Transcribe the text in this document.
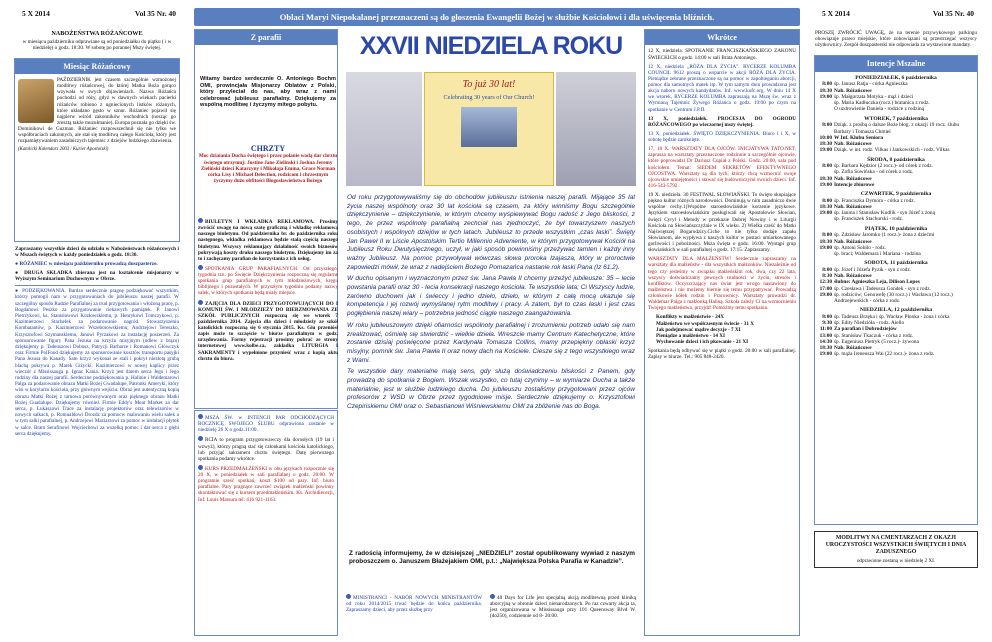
5 X 2014	Vol 35 Nr. 40
NABOŻEŃSTWA RÓŻAŃCOWE
w miesiącu październiku odprawiane są od poniedziałku do piątku ( i w niedzielę) o godz. 18:30. W sobotę po porannej Mszy świętej.
Miesiąc Różańcowy

PAŹDZIERNIK jest czasem szczególnie wzmożonej modlitwy różańcowej, do której Matka Boża gorąco wzywała w swych objawieniach. Nazwa Różańca pochodzi od róży, gdyż w dawnych wiekach pacierki różańców robiono z ugniecionych listków różanych, które układano gęsto w sznur. Różaniec pojawił się najpierw wśród zakonników wschodnich (nosząc go zresztą także muzułmanie). Europa poznała go dzięki św. Dominikowi de Guzman. Różaniec rozpowszechnił się nie tylko we współbraciach zakonnych, ale stał się modlitwą całego Kościoła, który jest rozpamiętywaniem zasadniczych tajemnic z dziejów ludzkiego zbawienia.

(Katolicki Kalendarz 2003 / Kurier Apostolski)

Zapraszamy wszystkie dzieci do udziału w Nabożeństwach różańcowych i w Mszach świętych w każdy poniedziałek o godz. 18:30.

● RÓŻANIEC w miesiącu październiku prowadzą duszpasterze.

● DRUGA SKŁADKA zbierana jest na kształcenie misjonarzy w Wyższym Seminarium Duchownym w Obrze.

● PODZIĘKOWANIA. Bardzo serdecznie pragnę podziękować wszystkim, którzy pomogli nam w przygotowaniach do jubileuszu naszej parafii. W szczególny sposób Radzie Parafialnej za trud przygotowania i włożoną pracę, p. Bogdanowi Peszko za przygotowanie ciekawych pamiątek. P. Janowi Pietrzykowi, ks. Stanisławowi Kozłowskiemu, p. Henrykowi Tomczykowi, p. Kazimierzowi Stachelek za podarowanie nagród. Stowarzyszeniu Kombatantów, p. Kazimierzowi Wszeborowskiemu, Andrzejowi Tereszko, Krzysztofowi Szymanskiemu, Janowi Pyrzakowi za instalację poszerzeń. Za sponsorowanie figury Pana Jezusa na krzyżu misyjnym (odlew z brązu) dziękujemy p. Tadeuszowi Dobosz, Patrycji Barbarze i Romanowi Główczyk oraz Firmie PolFood dziękujemy za sponsorowanie kosztów transportu pasyjki Pana Jezusa do Kanady. Sam krzyż wykonał ze stali i pokrył niezłotą grubą blachą pokrywa p. Marek Giżycki. Kazimierzowi w nowej kaplicy przez wieczór z Mississauga p. Ignac Kania. Krzyż jest darem serca Jego i Jego rodziny dla naszej parafii. Serdeczne podziękowania p. Halinie i Waldemarowi Palga za podarowanie obrazu Matki Bożej Gwadalupe, Patronki Ameryki, który wisi w korytarzu kościoła, przy głównym wejściu. Obraz jest autentyczną kopią obrazu Matki Bożej z tarnowa porównywanym oraz pięknego obrazu Matki Bożej Guadalupe. Dziękujemy również Firmie Eddy's Meat Market za dar serca, p. Łukaszowi Trace za instalację projektorów oraz telewizorów w nowych salkach, p. Romualdowi Drozdz za pomocw malowaniu wielu salek a w tym salki parafialnej, p. Andrzejowi Maziarzowi za pomoc w instalacji płytek w salce. Bratu Serafinowi Wojciechowi za wszelką pomoc i dar serca z głębi serca dziękujemy.

Oblaci Maryi Niepokalanej przeznaczeni są do głoszenia Ewangelii Bożej w służbie Kościołowi i dla uświęcenia bliźnich.
Z parafii	XXVII NIEDZIELA ROKU

Witamy bardzo serdecznie O. Antoniego Bochm OMI, prowincjała Misjonarzy Oblatów z Polski, który przyleciał do nas, aby wraz z nami celebrować jubileusz parafialny. Dziękujemy za wspólną modlitwę i życzymy mitego pobytu.

To już 30 lat!
Celebrating 30 years of Our Church!
CHRZTY

Moc dziaiania Ducha świętego i przez połanie wodą dar chrztu świętego otrzymuj: Justine Jane Zielinski i Joshua Jeremy Zieliński dzieci Katarzyny i Mikołaja Emma, Grace Norman córka Lisy i Michael Delection, rodzicom i chrzestnym życzymy dużo obfitości Błogosławieństwa Bożego

BIULETYN I WKŁADKA REKLAMOWA. Prosimy zwrócić uwagę na nową szatę graficzną i wkładkę reklamową naszego biuletynu. Od października br. do października roku następnego, wkładka reklamowa będzie stałą częścią naszego biuletynu. Wszyscy reklamujący działalność swoich biznesów pokrywają koszty druku naszego biuletynu. Dziękujemy im za to i zachęcamy parafian do korzystania z ich usług.

SPOTKANIA GRUP PARAFIALNYCH. Od przyszłego, tygodnia tzn. po Święcie Dziękczynienia rozpoczną się regularne spotkania grup parafialnych w tym młodzieżowych, kręgu biblijnego i pozostałych. W przyszłym tygodniu podamy nazwy salek, w których spotkania będą miały miejsce.

ZAJĘCIA DLA DZIECI PRZYGOTOWUJĄCYCH DO I KOMUNII ŚW. I MŁODZIEŻY DO BIERZMOWANIA ZE SZKÓŁ PUBLICZNYCH rozpoczną się we wtorek 7 października 2014. Zajęcia dla dzieci i młodzieży ze szkół katolickich rozpoczną się 6 stycznia 2015. Ks. Giu przeniósł zapis może to szczęście w biurze parafialnym w godz. urzędowania. Formy rejestracji prosimy pobrać ze strony internetowej www.kolbe.ca, zakładka LITURGIA I SAKRAMENTY i wypełnione przynieść wraz z kopią aktu chrztu do biura.

MSZA ŚW. w INTENCJI PAR ODCHODZĄCYCH ROCZNICĘ SWOJEGO ŚLUBU odprawiona zostanie w niedzielę 26 X o godz.11:00.

RCIA to program przygotowawczy dla dorosłych (19 lat i wzwyż), którzy pragną stać się członkami kościoła katolickiego, lub przyjąć sakrament chrztu świętego. Datę pierwszego spotkania podamy wkrótce.

KURS PRZEDMAŁŻEŃSKI w obu językach rozpocznie się 20 X, w poniedziałek w sali parafialnej o godz. 20:00. W programie sześć spotkań, koszt $100 od pary. Inf. biuro parafialne. Pary pragnące zawrzeć związek małżeński powinny skontaktować się z kursem przedmałżeńskim. Ks. Archidiecezji, Inf. Louis Marsura tel: 416 921-1163.

Od roku przygotowywaliśmy się do obchodów jubileuszu istnienia naszej parafii. Mijające 35 lat życia naszej wspólnoty oraz 30 lat kościoła są czasem, za który winniśmy Bogu szczególnie dziękczynienie – dziękczynienie, w którym chcemy wyśpiewywać Bogu radość z Jego bliskości, z tego, że przez wspólnotę parafialną zechciał nas zjednoczyć, że był towarzyszem naszych osobistych i wspólnych dziejów w tych latach. Jubileusz to przede wszystkim „czas łaski”. Święty Jan Paweł II w Liście Apostolskim Tertio Millennio Adveniente, w którym przygotowywał Kościół na Jubileusz Roku Dwutysięcznego, uczył, w jaki sposób powinniśmy przeżywać tamten i każdy inny ważny Jubileusz. Na pomoc przywoływał wówczas słowa proroka Izajasza, który w proroctwie zapowiedzi mówił, że wraz z nadejściem Bożego Pomazańca nastanie rok łaski Pana (Iz 61,2).

W duchu opisanym i wyznaczonym przez św. Jana Pawła II chcemy przeżyć jubileusze: 35 – lecie powstania parafii oraz 30 - lecia konsekracji naszego kościoła. Te wszystkie lata; Ci Wszyscy ludzie, zarówno duchowni jak i świeccy i jedno dzieło, dzieło, w którym z całą mocą ukazuje się kompetencja i jej rozwój wymyślanej rytm modlitwy i pracy. A zatem, był to czas łaski i jest czas pogłębienia naszej wiary – potrzebna jedność ciągle naszego zaangażowania.

W roku jubileuszowym dzięki ofiarności wspólnoty parafialnej i zrozumieniu potrzeb udało się nam zrealizować, ośmielę się stwierdzić - wielkie dzieła. Wreszcie mamy Centrum Katechetyczne, które zostanie dzisiaj poświęcone przez Kardynała Tomasza Collins, mamy przepiękny obłaski krzyż misyjny, pomnik św. Jana Pawła II oraz nowy dach na Kościele. Ciesze się z tego wszystkiego wraz z Wami.

Te wszystkie dary materialne mają sens, gdy służą doświadczeniu bliskości z Panem, gdy prowadzą do spotkania z Bogiem. Wszak wszystko, co tutaj czynimy – w wymiarze Ducha a także materialnie, jest w służbie ludzkiego ducha. Do jubileuszu zostaliśmy przygotowani przez ojców profesorów z WSD w Obrze przez tygodniowe misje. Serdecznie dziękujemy o. Krzysztofowi Czepiriskiemu OMI oraz o. Sebastianowi Wiśniewskiemu OMI za zbliżenie nas do Boga.

Z radością informujemy, że w dzisiejszej „NIEDZIELI” został opublikowany wywiad z naszym proboszczem o. Januszem Błażejakiem OMI, p.t.: „Największa Polska Parafia w Kanadzie”.

MINISTRANCI - NABÓR NOWYCH MINISTRANTÓW od roku 2014/2015 trwać będzie do końca października. Zapraszamy dzieci, aby przez służbę przy

40 Days for Life jest specjalną akcją modlitewną przed kliniką aborcyjną w obronie dzieci nienarodzonych. Po raz czwarty akcja ta, jest organizowana w Mississauga przy 101 Queensway Blvd W.(do250), codziennie od 8- 20:00.

Wkrótce

12 X, niedziela. SPOTKANIE FRANCISZKAŃSKIEGO ZAKONU ŚWIECKICH o godz. 14:00 w sali Brata Antoniego.

12 X, niedziela „RÓŻA DLA ŻYCIA”. RYCERZE KOLUMBA COUNCIL 9612 proszą o wsparcie w akcji RÓŻA DLA ŻYCIA. Pieniądze zebrane przeznaczone są na pomoc w zapobieganiu aborcji, pomoc dla samotnych matek itp. W tym samym dniu prowadzona jest akcja naboru nowych kandydatów. Inf. www.kofc.org. W dniu 14 X we wtorek, RYCERZE KOLUMBA zapraszają na Mszę św. wraz z Wymianą Tajemnic Żywego Różańca o godz. 19:00 po czym na spotkanie w Centrum J.P.II.

13 X, poniedziałek. PROCESJA DO OGRODU RÓŻAŃCOWEGO po wieczornej mszy świętej.

13 X, poniedziałek. ŚWIĘTO DZIĘKCZYNIENIA. Biuro l i X, w sobotę będzie zamknięte.

17, 18 X. WARSZTATY DLA OJCÓW. INICJATYWA TATO.NET, zaprasza na warsztaty przeznaczone rodzinnie a szczególnie ojcowie, które poprowadzi Dr Dariusz Cupiał z Polski. Godz. 20:00, sala pod kościołem. Temat: SIEDEM SEKRETÓW EFEKTYWNEGO OJCOSTWA. Warsztaty są dla tych, którzy chcą wzmocnić swoje ojcowskie umiejętności i stawać się budowniczymi swoich dzieci. Inf. 416-543-5792.

19 X. niedziela. 30 FESTIWAL SŁOWIAŃSKI. To święto skupiające piękno kultur różnych narodowości. Dominują w nim zasadniczo dwie wspólne cechy.1)Wspólne staroesłowiańskie korzenie językowe. Językiem staroesłowiańskim posługiwali się Apostołowie Słowian, święci Cyryl i Metody w przekazie Dobrej Nowiny i w Liturgii Kościoła na Słowiańszczyźnie w IX wieku. 2) Wielka cześć do Matki Najświętszej Bogarodzicy.Ciche to nie tylko dodaje zapału Słowianom, ale wypływa z naszych kultur w postaci umiarkowanego gorliwości i pobożności. Msza święta o godz. 16:00. Wystąpi grup słowiańskich w sali parafialnej o godz. 17:15. Zapraszamy.

WARSZTATY DLA MAŁŻEŃSTW! Serdecznie zapraszamy na warsztaty dla małżeństw - dla wszystkich małżonków. Niezależnie od tego czy jesteśmy w związku małżeńskim rok, dwa, czy 22 lata, wszyscy doświadczamy pewnych trudności w życiu, stresów i konfliktów. Oczyszczający nas świat jest wrogo nastawiony do małżeństwa i nie możemy biernie się temu przypatrywać. Prowadzą członkowie kółek rodzin i Pracownicy. Warsztaty prowadzi dr. Waldemar Palga z małżonką Haliną. Szkoła zależy Ci na wzmocnieniu Twojego małżeństwa, przyjdź! Pomóżmy temu spotkaniu.

Konflikty w małżeństwie - 24X
Małżeństwo we współczesnym świecie - 31 X
Jak podejmować mądre decyzje - 7 XI
Pieniądze a małżeństwo - 14 XI
Wychowanie dzieci i ich pkowanie - 21 XI

Spotkania będą odbywać się w piątki o godz. 20:00 w sali parafialnej. Zapisy w biurze. Tel.: 905 848-2420.

5 X 2014	Vol 35 Nr. 40

PROSZĘ ZWRÓCIĆ UWAGĘ, że na terenie przywykowego parkingu obowiązuje prawo miejskie, które zobowiązani są przestrzegać wszyscy użytkownicy. Zespół duszpasterski nie odpowiada za wystawione mandaty.

Intencje Mszalne
PONIEDZIAŁEK, 6 października
8:00	śp. Janusz Ratja - córka Agnieszka
18:30	Nab. Różańcowe
19:00	śp. Małgorzata Motyka - mąż i dzieci
	śp. Maria Kadłuczka (rocz.) bratanica z rodz.
	O uzdrowienie Daniela - rodzice z rodziną
WTOREK, 7 października
8:00	Dziąk. z prośbą o dalsze Boże błog. z okazji 19 rocz. ślubu Barbary i Tomasza Chmiel
10:00	W Inf. Klubu Seniora
18:30	Nab. Różańcowe
19:00	Dziąk. w int. rodz. Vilkas i Jankowskich - rodz. Vilkas
ŚRODA, 8 października
8:00	śp. Barbara Kędzior (2 rocz.)- od córek z rodz.
	śp. Zofia Sowińska - od córek z rodz.
18:30	Nab. Różańcowe
19:00	Intencje zbiorowe
CZWARTEK, 9 października
8:00	śp. Franciszka Dymora - córka z rodz.
18:30	Nab. Różańcowe
19:00	śp. Janina i Stanisław Kudlik - syn Józef z żoną
	śp. Franciszek Stachurski - rodz.
PIĄTEK, 10 października
8:00	śp. Zdzisław Jaromko (1 rocz.)- żona z dziećmi
18:30	Nab. Różańcowe
19:00	śp. Antoni Sobilo - rodz.
	śp. braci; Waldemara i Mariana - rodzina
SOBOTA, 11 października
8:00	śp. Józef i Józefa Pyzik - syn z rodz.
8:30	Nab. Różańcowe
12:30	ślubne: Agnieszka Leja, Dilison Lopes
17:00	śp. Czesława i Tadeusza Gondek - syn z rodz.
19:00	śp. rodziców; Genowefę (30 rocz.) i Wacława (12 rocz.) Andrzejewskich - córka z rodz.
NIEDZIELA, 12 października
8:00	śp. Tadeusz Brzęka i śp. Wacław Płonka - żona i córka
9:30	śp. Edity Niedzióła - rodz. Aiello
11:00	Za parafian i Dobrodziejów
13:00	śp. Stanisław Tkaczuk - córka z rodz.
14:30	śp. Eugeniusz Pietryk (5 rocz.)- żywona
18:30	Nab. Różańcowe
19:00	śp. mąża Ireneusza Wai (22 rocz.)- żona z rodz.
MODLITWY NA CMENTARZACH Z OKAZJI UROCZYSTOŚCI WSZYSTKICH ŚWIĘTYCH I DNIA ZADUSZNEGO
odprawione zostaną w niedzielę 2 XI.
